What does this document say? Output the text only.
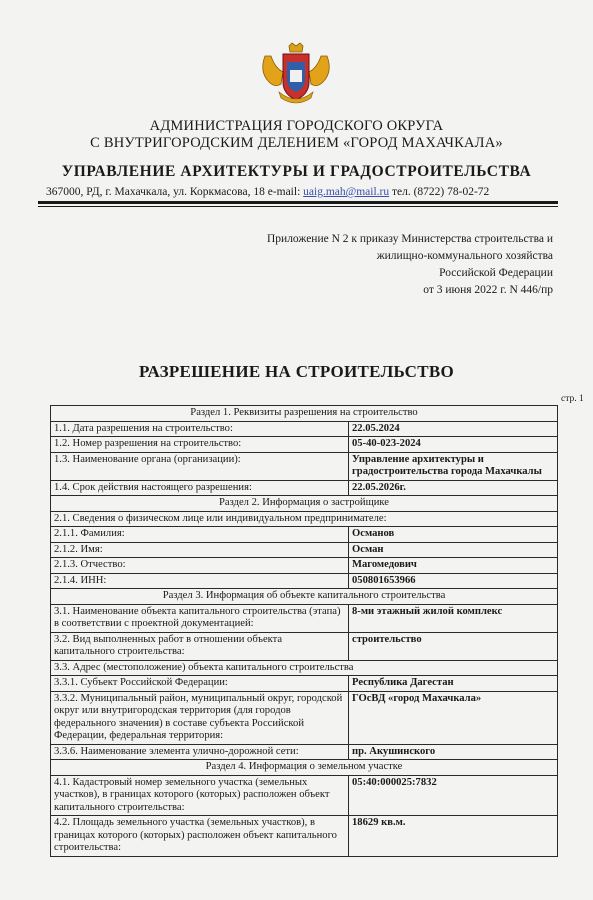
АДМИНИСТРАЦИЯ ГОРОДСКОГО ОКРУГА
С ВНУТРИГОРОДСКИМ ДЕЛЕНИЕМ «ГОРОД МАХАЧКАЛА»
УПРАВЛЕНИЕ АРХИТЕКТУРЫ И ГРАДОСТРОИТЕЛЬСТВА
367000, РД, г. Махачкала, ул. Коркмасова, 18 e-mail: uaig.mah@mail.ru тел. (8722) 78-02-72
Приложение N 2 к приказу Министерства строительства и
жилищно-коммунального хозяйства
Российской Федерации
от 3 июня 2022 г. N 446/пр
РАЗРЕШЕНИЕ НА СТРОИТЕЛЬСТВО
стр. 1
Раздел 1. Реквизиты разрешения на строительство	
1.1. Дата разрешения на строительство:	22.05.2024
1.2. Номер разрешения на строительство:	05-40-023-2024
1.3. Наименование органа (организации):	Управление архитектуры и градостроительства города Махачкалы
1.4. Срок действия настоящего разрешения:	22.05.2026г.
Раздел 2. Информация о застройщике	
2.1. Сведения о физическом лице или индивидуальном предпринимателе:	
2.1.1. Фамилия:	Османов
2.1.2. Имя:	Осман
2.1.3. Отчество:	Магомедович
2.1.4. ИНН:	050801653966
Раздел 3. Информация об объекте капитального строительства	
3.1. Наименование объекта капитального строительства (этапа) в соответствии с проектной документацией:	8-ми этажный жилой комплекс
3.2. Вид выполненных работ в отношении объекта капитального строительства:	строительство
3.3. Адрес (местоположение) объекта капитального строительства	
3.3.1. Субъект Российской Федерации:	Республика Дагестан
3.3.2. Муниципальный район, муниципальный округ, городской округ или внутригородская территория (для городов федерального значения) в составе субъекта Российской Федерации, федеральная территория:	ГОсВД «город Махачкала»
3.3.6. Наименование элемента улично-дорожной сети:	пр. Акушинского
Раздел 4. Информация о земельном участке	
4.1. Кадастровый номер земельного участка (земельных участков), в границах которого (которых) расположен объект капитального строительства:	05:40:000025:7832
4.2. Площадь земельного участка (земельных участков), в границах которого (которых) расположен объект капитального строительства:	18629 кв.м.
